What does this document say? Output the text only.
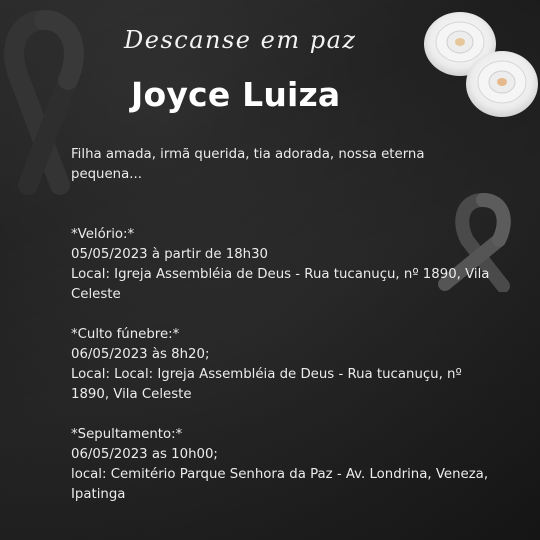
Descanse em paz
Joyce Luiza

Filha amada, irmã querida, tia adorada, nossa eterna

pequena...

*Velório:*

05/05/2023 à partir de 18h30

Local: Igreja Assembléia de Deus - Rua tucanuçu, nº 1890, Vila

Celeste

*Culto fúnebre:*

06/05/2023 às 8h20;

Local: Local: Igreja Assembléia de Deus - Rua tucanuçu, nº

1890, Vila Celeste

*Sepultamento:*

06/05/2023 as 10h00;

local: Cemitério Parque Senhora da Paz - Av. Londrina, Veneza,

Ipatinga
